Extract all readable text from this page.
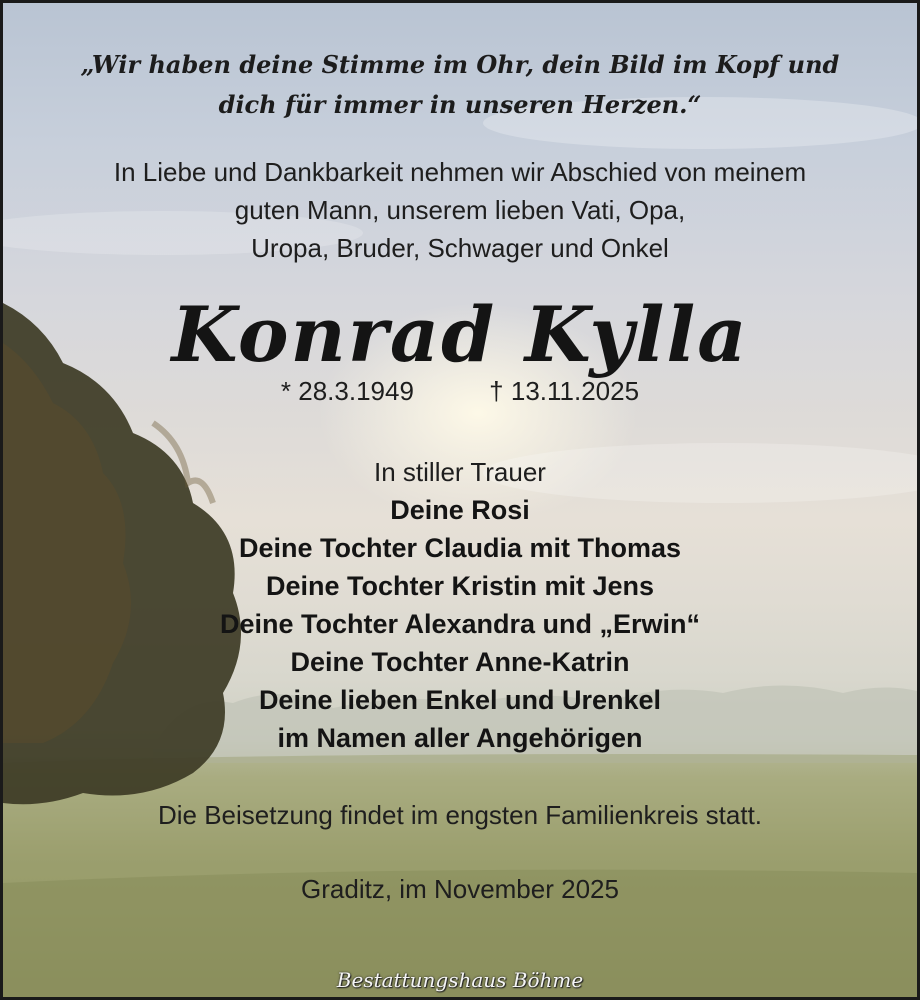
„Wir haben deine Stimme im Ohr, dein Bild im Kopf und
dich für immer in unseren Herzen.“

In Liebe und Dankbarkeit nehmen wir Abschied von meinem
guten Mann, unserem lieben Vati, Opa,
Uropa, Bruder, Schwager und Onkel

Konrad Kylla
* 28.3.1949	† 13.11.2025
In stiller Trauer
Deine Rosi
Deine Tochter Claudia mit Thomas
Deine Tochter Kristin mit Jens
Deine Tochter Alexandra und „Erwin“
Deine Tochter Anne-Katrin
Deine lieben Enkel und Urenkel
im Namen aller Angehörigen

Die Beisetzung findet im engsten Familienkreis statt.

Graditz, im November 2025

Bestattungshaus Böhme
